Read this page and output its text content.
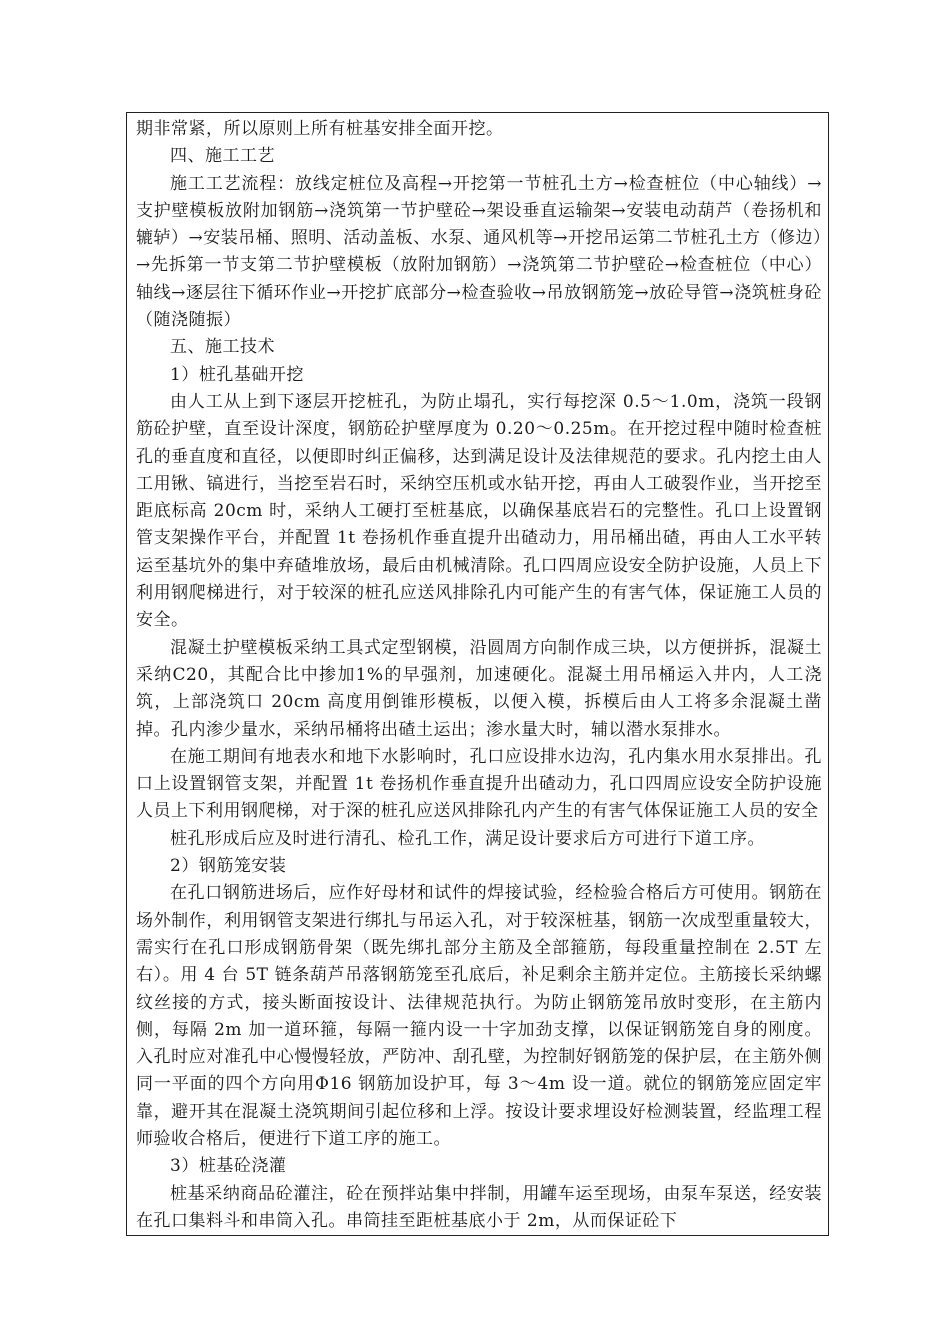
期非常紧，所以原则上所有桩基安排全面开挖。

四、施工工艺

施工工艺流程：放线定桩位及高程→开挖第一节桩孔土方→检查桩位（中心轴线）→支护壁模板放附加钢筋→浇筑第一节护壁砼→架设垂直运输架→安装电动葫芦（卷扬机和辘轳）→安装吊桶、照明、活动盖板、水泵、通风机等→开挖吊运第二节桩孔土方（修边）→先拆第一节支第二节护壁模板（放附加钢筋）→浇筑第二节护壁砼→检查桩位（中心）轴线→逐层往下循环作业→开挖扩底部分→检查验收→吊放钢筋笼→放砼导管→浇筑桩身砼（随浇随振）

五、施工技术

1）桩孔基础开挖

由人工从上到下逐层开挖桩孔，为防止塌孔，实行每挖深 0.5～1.0m，浇筑一段钢筋砼护壁，直至设计深度，钢筋砼护壁厚度为 0.20～0.25m。在开挖过程中随时检查桩孔的垂直度和直径，以便即时纠正偏移，达到满足设计及法律规范的要求。孔内挖土由人工用锹、镐进行，当挖至岩石时，采纳空压机或水钻开挖，再由人工破裂作业，当开挖至距底标高 20cm 时，采纳人工硬打至桩基底，以确保基底岩石的完整性。孔口上设置钢管支架操作平台，并配置 1t 卷扬机作垂直提升出碴动力，用吊桶出碴，再由人工水平转运至基坑外的集中弃碴堆放场，最后由机械清除。孔口四周应设安全防护设施，人员上下利用钢爬梯进行，对于较深的桩孔应送风排除孔内可能产生的有害气体，保证施工人员的安全。

混凝土护壁模板采纳工具式定型钢模，沿圆周方向制作成三块，以方便拼拆，混凝土采纳C20，其配合比中掺加1%的早强剂，加速硬化。混凝土用吊桶运入井内，人工浇筑，上部浇筑口 20cm 高度用倒锥形模板，以便入模，拆模后由人工将多余混凝土凿掉。孔内渗少量水，采纳吊桶将出碴土运出；渗水量大时，辅以潜水泵排水。

在施工期间有地表水和地下水影响时，孔口应设排水边沟，孔内集水用水泵排出。孔口上设置钢管支架，并配置 1t 卷扬机作垂直提升出碴动力，孔口四周应设安全防护设施人员上下利用钢爬梯，对于深的桩孔应送风排除孔内产生的有害气体保证施工人员的安全

桩孔形成后应及时进行清孔、检孔工作，满足设计要求后方可进行下道工序。

2）钢筋笼安装

在孔口钢筋进场后，应作好母材和试件的焊接试验，经检验合格后方可使用。钢筋在场外制作，利用钢管支架进行绑扎与吊运入孔，对于较深桩基，钢筋一次成型重量较大，需实行在孔口形成钢筋骨架（既先绑扎部分主筋及全部箍筋，每段重量控制在 2.5T 左右）。用 4 台 5T 链条葫芦吊落钢筋笼至孔底后，补足剩余主筋并定位。主筋接长采纳螺纹丝接的方式，接头断面按设计、法律规范执行。为防止钢筋笼吊放时变形，在主筋内侧，每隔 2m 加一道环箍，每隔一箍内设一十字加劲支撑，以保证钢筋笼自身的刚度。入孔时应对准孔中心慢慢轻放，严防冲、刮孔壁，为控制好钢筋笼的保护层，在主筋外侧同一平面的四个方向用Φ16 钢筋加设护耳，每 3～4m 设一道。就位的钢筋笼应固定牢靠，避开其在混凝土浇筑期间引起位移和上浮。按设计要求埋设好检测装置，经监理工程师验收合格后，便进行下道工序的施工。

3）桩基砼浇灌

桩基采纳商品砼灌注，砼在预拌站集中拌制，用罐车运至现场，由泵车泵送，经安装在孔口集料斗和串筒入孔。串筒挂至距桩基底小于 2m，从而保证砼下
